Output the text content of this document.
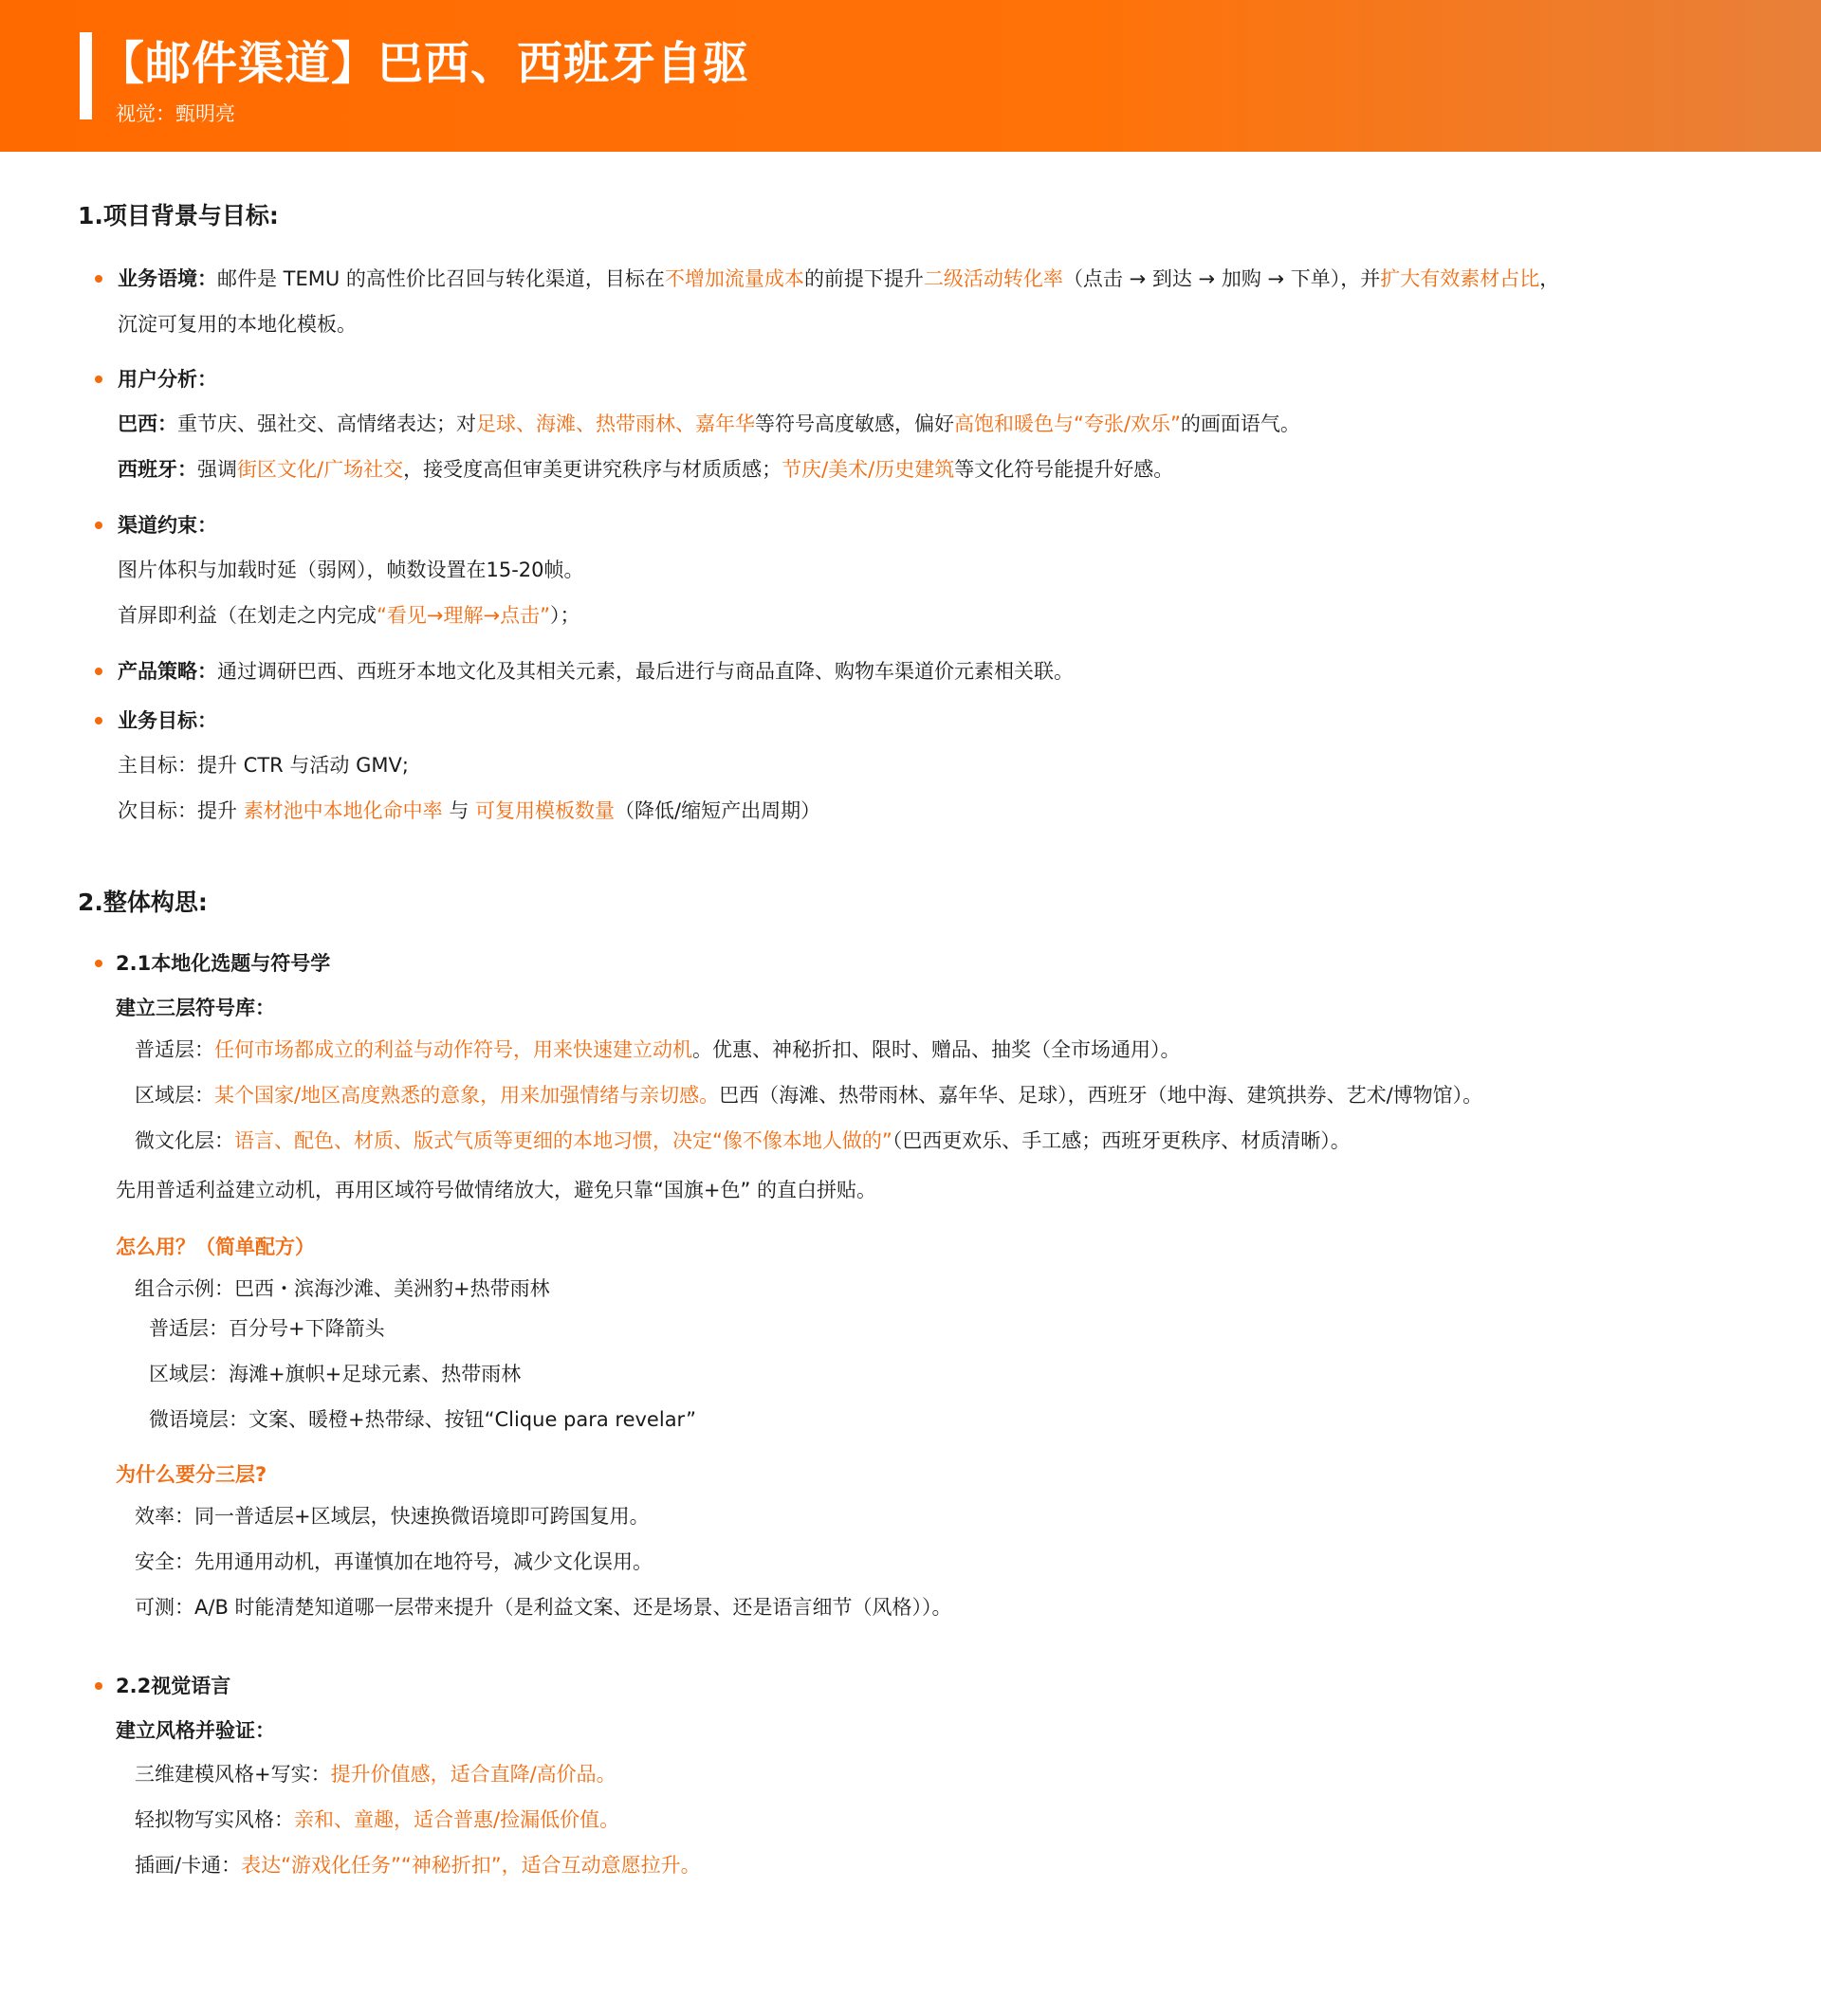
【邮件渠道】巴西、西班牙自驱
视觉：甄明亮
1.项目背景与目标:
业务语境：邮件是 TEMU 的高性价比召回与转化渠道，目标在不增加流量成本的前提下提升二级活动转化率（点击 → 到达 → 加购 → 下单），并扩大有效素材占比，
沉淀可复用的本地化模板。
用户分析：
巴西：重节庆、强社交、高情绪表达；对足球、海滩、热带雨林、嘉年华等符号高度敏感，偏好高饱和暖色与“夸张/欢乐”的画面语气。
西班牙：强调街区文化/广场社交，接受度高但审美更讲究秩序与材质质感；节庆/美术/历史建筑等文化符号能提升好感。
渠道约束：
图片体积与加载时延（弱网），帧数设置在15-20帧。
首屏即利益（在划走之内完成“看见→理解→点击”）；
产品策略：通过调研巴西、西班牙本地文化及其相关元素，最后进行与商品直降、购物车渠道价元素相关联。
业务目标：
主目标：提升 CTR 与活动 GMV;
次目标：提升 素材池中本地化命中率 与 可复用模板数量（降低/缩短产出周期）
2.整体构思:
2.1本地化选题与符号学
建立三层符号库：
普适层：任何市场都成立的利益与动作符号，用来快速建立动机。优惠、神秘折扣、限时、赠品、抽奖（全市场通用）。
区域层：某个国家/地区高度熟悉的意象，用来加强情绪与亲切感。巴西（海滩、热带雨林、嘉年华、足球），西班牙（地中海、建筑拱券、艺术/博物馆）。
微文化层：语言、配色、材质、版式气质等更细的本地习惯，决定“像不像本地人做的”（巴西更欢乐、手工感；西班牙更秩序、材质清晰）。
先用普适利益建立动机，再用区域符号做情绪放大，避免只靠“国旗+色” 的直白拼贴。
怎么用？（简单配方）
组合示例：巴西・滨海沙滩、美洲豹+热带雨林
普适层：百分号+下降箭头
区域层：海滩+旗帜+足球元素、热带雨林
微语境层：文案、暖橙+热带绿、按钮“Clique para revelar”
为什么要分三层?
效率：同一普适层+区域层，快速换微语境即可跨国复用。
安全：先用通用动机，再谨慎加在地符号，减少文化误用。
可测：A/B 时能清楚知道哪一层带来提升（是利益文案、还是场景、还是语言细节（风格））。
2.2视觉语言
建立风格并验证：
三维建模风格+写实：提升价值感，适合直降/高价品。
轻拟物写实风格：亲和、童趣，适合普惠/捡漏低价值。
插画/卡通：表达“游戏化任务”“神秘折扣”，适合互动意愿拉升。
